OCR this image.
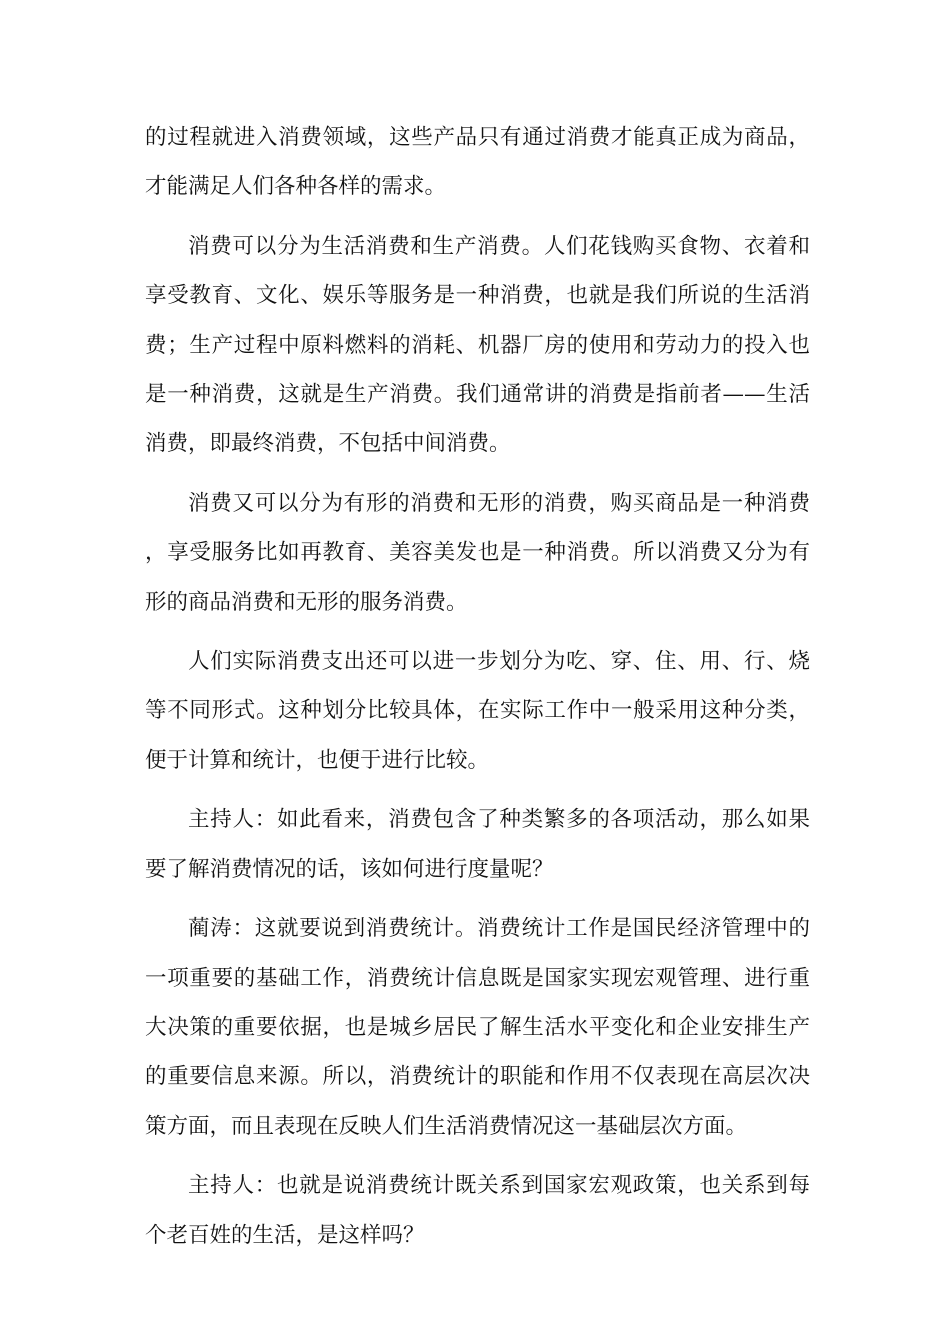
的过程就进入消费领域，这些产品只有通过消费才能真正成为商品，才能满足人们各种各样的需求。

消费可以分为生活消费和生产消费。人们花钱购买食物、衣着和享受教育、文化、娱乐等服务是一种消费，也就是我们所说的生活消费；生产过程中原料燃料的消耗、机器厂房的使用和劳动力的投入也是一种消费，这就是生产消费。我们通常讲的消费是指前者——生活消费，即最终消费，不包括中间消费。

消费又可以分为有形的消费和无形的消费，购买商品是一种消费，享受服务比如再教育、美容美发也是一种消费。所以消费又分为有形的商品消费和无形的服务消费。

人们实际消费支出还可以进一步划分为吃、穿、住、用、行、烧等不同形式。这种划分比较具体，在实际工作中一般采用这种分类，便于计算和统计，也便于进行比较。

主持人：如此看来，消费包含了种类繁多的各项活动，那么如果要了解消费情况的话，该如何进行度量呢？

蔺涛：这就要说到消费统计。消费统计工作是国民经济管理中的一项重要的基础工作，消费统计信息既是国家实现宏观管理、进行重大决策的重要依据，也是城乡居民了解生活水平变化和企业安排生产的重要信息来源。所以，消费统计的职能和作用不仅表现在高层次决策方面，而且表现在反映人们生活消费情况这一基础层次方面。

主持人：也就是说消费统计既关系到国家宏观政策，也关系到每个老百姓的生活，是这样吗？
